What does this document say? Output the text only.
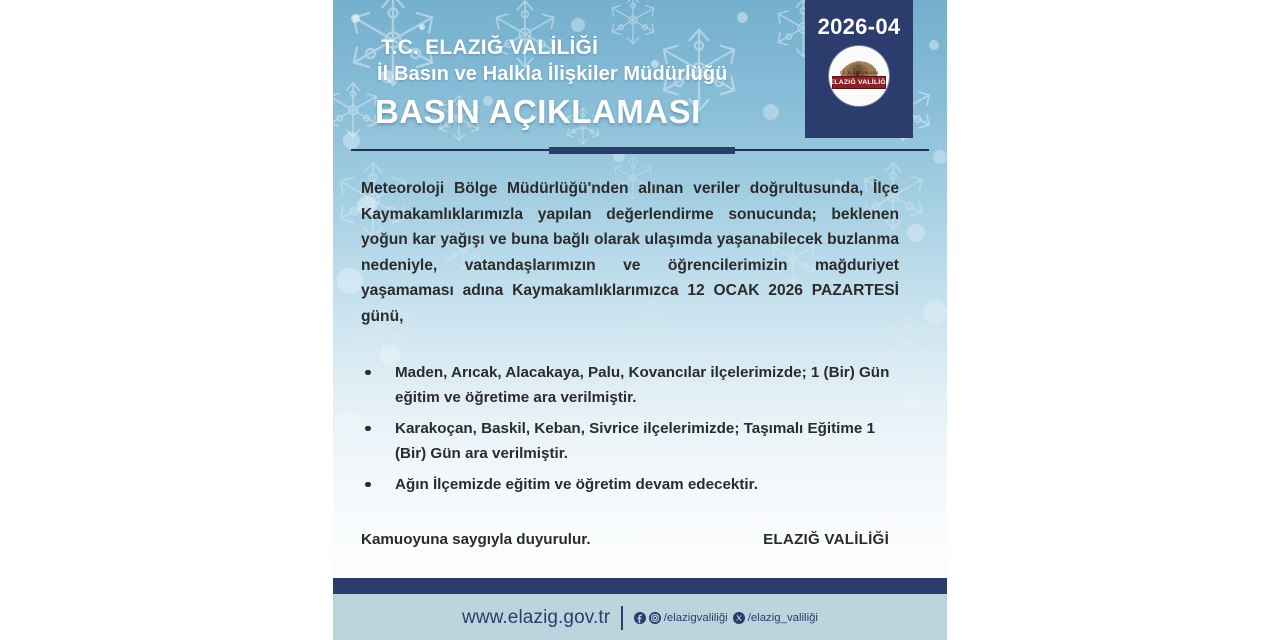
T.C. ELAZIĞ VALİLİĞİ
İl Basın ve Halkla İlişkiler Müdürlüğü
BASIN AÇIKLAMASI
2026-04
T.C. ELAZIĞ VALİLİĞİ
ELAZIĞ VALİLİĞİ

Meteoroloji Bölge Müdürlüğü'nden alınan veriler doğrultusunda, İlçe Kaymakamlıklarımızla yapılan değerlendirme sonucunda; beklenen yoğun kar yağışı ve buna bağlı olarak ulaşımda yaşanabilecek buzlanma nedeniyle, vatandaşlarımızın ve öğrencilerimizin mağduriyet yaşamaması adına Kaymakamlıklarımızca 12 OCAK 2026 PAZARTESİ günü,

Maden, Arıcak, Alacakaya, Palu, Kovancılar ilçelerimizde; 1 (Bir) Gün eğitim ve öğretime ara verilmiştir.
Karakoçan, Baskil, Keban, Sivrice ilçelerimizde; Taşımalı Eğitime 1 (Bir) Gün ara verilmiştir.
Ağın İlçemizde eğitim ve öğretim devam edecektir.
Kamuoyuna saygıyla duyurulur.	ELAZIĞ VALİLİĞİ
www.elazig.gov.tr	/elazigvaliliği /elazig_valiliği
